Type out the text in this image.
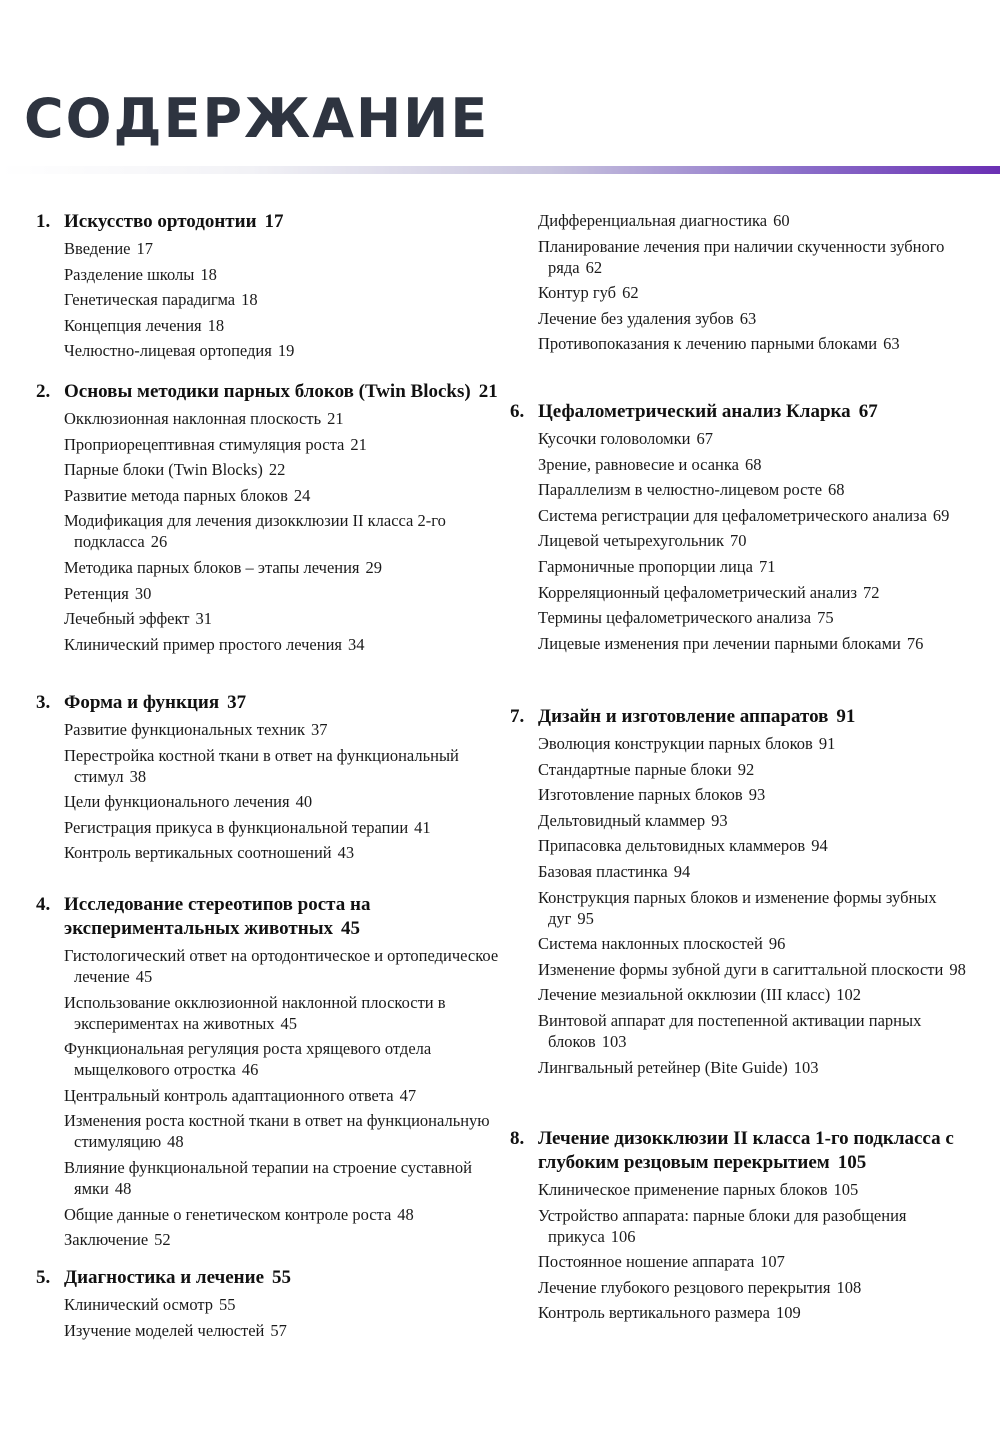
СОДЕРЖАНИЕ
1. Искусство ортодонтии 17
Введение 17
Разделение школы 18
Генетическая парадигма 18
Концепция лечения 18
Челюстно-лицевая ортопедия 19
2. Основы методики парных блоков (Twin Blocks) 21
Окклюзионная наклонная плоскость 21
Проприорецептивная стимуляция роста 21
Парные блоки (Twin Blocks) 22
Развитие метода парных блоков 24
Модификация для лечения дизокклюзии II класса 2-го подкласса 26
Методика парных блоков – этапы лечения 29
Ретенция 30
Лечебный эффект 31
Клинический пример простого лечения 34
3. Форма и функция 37
Развитие функциональных техник 37
Перестройка костной ткани в ответ на функциональный стимул 38
Цели функционального лечения 40
Регистрация прикуса в функциональной терапии 41
Контроль вертикальных соотношений 43
4. Исследование стереотипов роста на экспериментальных животных 45
Гистологический ответ на ортодонтическое и ортопедическое лечение 45
Использование окклюзионной наклонной плоскости в экспериментах на животных 45
Функциональная регуляция роста хрящевого отдела мыщелкового отростка 46
Центральный контроль адаптационного ответа 47
Изменения роста костной ткани в ответ на функциональную стимуляцию 48
Влияние функциональной терапии на строение суставной ямки 48
Общие данные о генетическом контроле роста 48
Заключение 52
5. Диагностика и лечение 55
Клинический осмотр 55
Изучение моделей челюстей 57
Дифференциальная диагностика 60
Планирование лечения при наличии скученности зубного ряда 62
Контур губ 62
Лечение без удаления зубов 63
Противопоказания к лечению парными блоками 63
6. Цефалометрический анализ Кларка 67
Кусочки головоломки 67
Зрение, равновесие и осанка 68
Параллелизм в челюстно-лицевом росте 68
Система регистрации для цефалометрического анализа 69
Лицевой четырехугольник 70
Гармоничные пропорции лица 71
Корреляционный цефалометрический анализ 72
Термины цефалометрического анализа 75
Лицевые изменения при лечении парными блоками 76
7. Дизайн и изготовление аппаратов 91
Эволюция конструкции парных блоков 91
Стандартные парные блоки 92
Изготовление парных блоков 93
Дельтовидный кламмер 93
Припасовка дельтовидных кламмеров 94
Базовая пластинка 94
Конструкция парных блоков и изменение формы зубных дуг 95
Система наклонных плоскостей 96
Изменение формы зубной дуги в сагиттальной плоскости 98
Лечение мезиальной окклюзии (III класс) 102
Винтовой аппарат для постепенной активации парных блоков 103
Лингвальный ретейнер (Bite Guide) 103
8. Лечение дизокклюзии II класса 1-го подкласса с глубоким резцовым перекрытием 105
Клиническое применение парных блоков 105
Устройство аппарата: парные блоки для разобщения прикуса 106
Постоянное ношение аппарата 107
Лечение глубокого резцового перекрытия 108
Контроль вертикального размера 109
